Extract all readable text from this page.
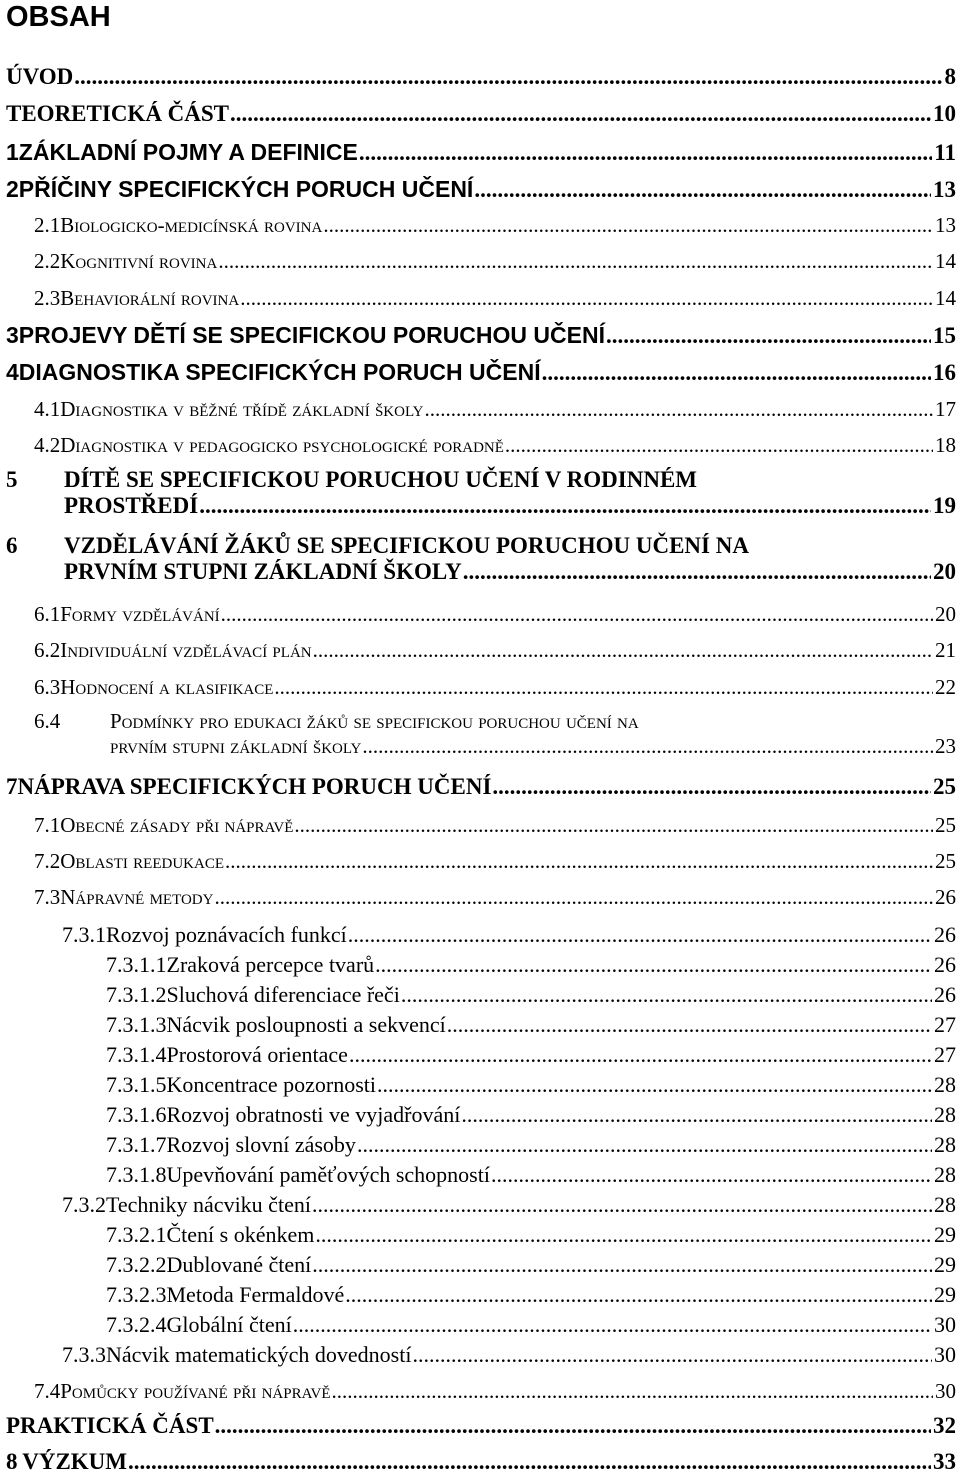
OBSAH
ÚVOD .....	8
TEORETICKÁ ČÁST .....	10
1 ZÁKLADNÍ POJMY A DEFINICE .....	11
2 PŘÍČINY SPECIFICKÝCH PORUCH UČENÍ .....	13
2.1 Biologicko-medicínská rovina .....	13
2.2 Kognitivní rovina .....	14
2.3 Behaviorální rovina .....	14
3 PROJEVY DĚTÍ SE SPECIFICKOU PORUCHOU UČENÍ .....	15
4 DIAGNOSTIKA SPECIFICKÝCH PORUCH UČENÍ .....	16
4.1 Diagnostika v běžné třídě základní školy .....	17
4.2 Diagnostika v pedagogicko psychologické poradně .....	18
5	DÍTĚ SE SPECIFICKOU PORUCHOU UČENÍ V RODINNÉM
PROSTŘEDÍ .....	19
6	VZDĚLÁVÁNÍ ŽÁKŮ SE SPECIFICKOU PORUCHOU UČENÍ NA
PRVNÍM STUPNI ZÁKLADNÍ ŠKOLY .....	20
6.1 Formy vzdělávání .....	20
6.2 Individuální vzdělávací plán .....	21
6.3 Hodnocení a klasifikace .....	22
6.4	Podmínky pro edukaci žáků se specifickou poruchou učení na
prvním stupni základní školy .....	23
7 NÁPRAVA SPECIFICKÝCH PORUCH UČENÍ .....	25
7.1 Obecné zásady při nápravě .....	25
7.2 Oblasti reedukace .....	25
7.3 Nápravné metody .....	26
7.3.1 Rozvoj poznávacích funkcí .....	26
7.3.1.1 Zraková percepce tvarů .....	26
7.3.1.2 Sluchová diferenciace řeči .....	26
7.3.1.3 Nácvik posloupnosti a sekvencí .....	27
7.3.1.4 Prostorová orientace .....	27
7.3.1.5 Koncentrace pozornosti .....	28
7.3.1.6 Rozvoj obratnosti ve vyjadřování .....	28
7.3.1.7 Rozvoj slovní zásoby .....	28
7.3.1.8 Upevňování paměťových schopností .....	28
7.3.2 Techniky nácviku čtení .....	28
7.3.2.1 Čtení s okénkem .....	29
7.3.2.2 Dublované čtení .....	29
7.3.2.3 Metoda Fermaldové .....	29
7.3.2.4 Globální čtení .....	30
7.3.3 Nácvik matematických dovedností .....	30
7.4 Pomůcky používané při nápravě .....	30
PRAKTICKÁ ČÁST .....	32
8 VÝZKUM .....	33
